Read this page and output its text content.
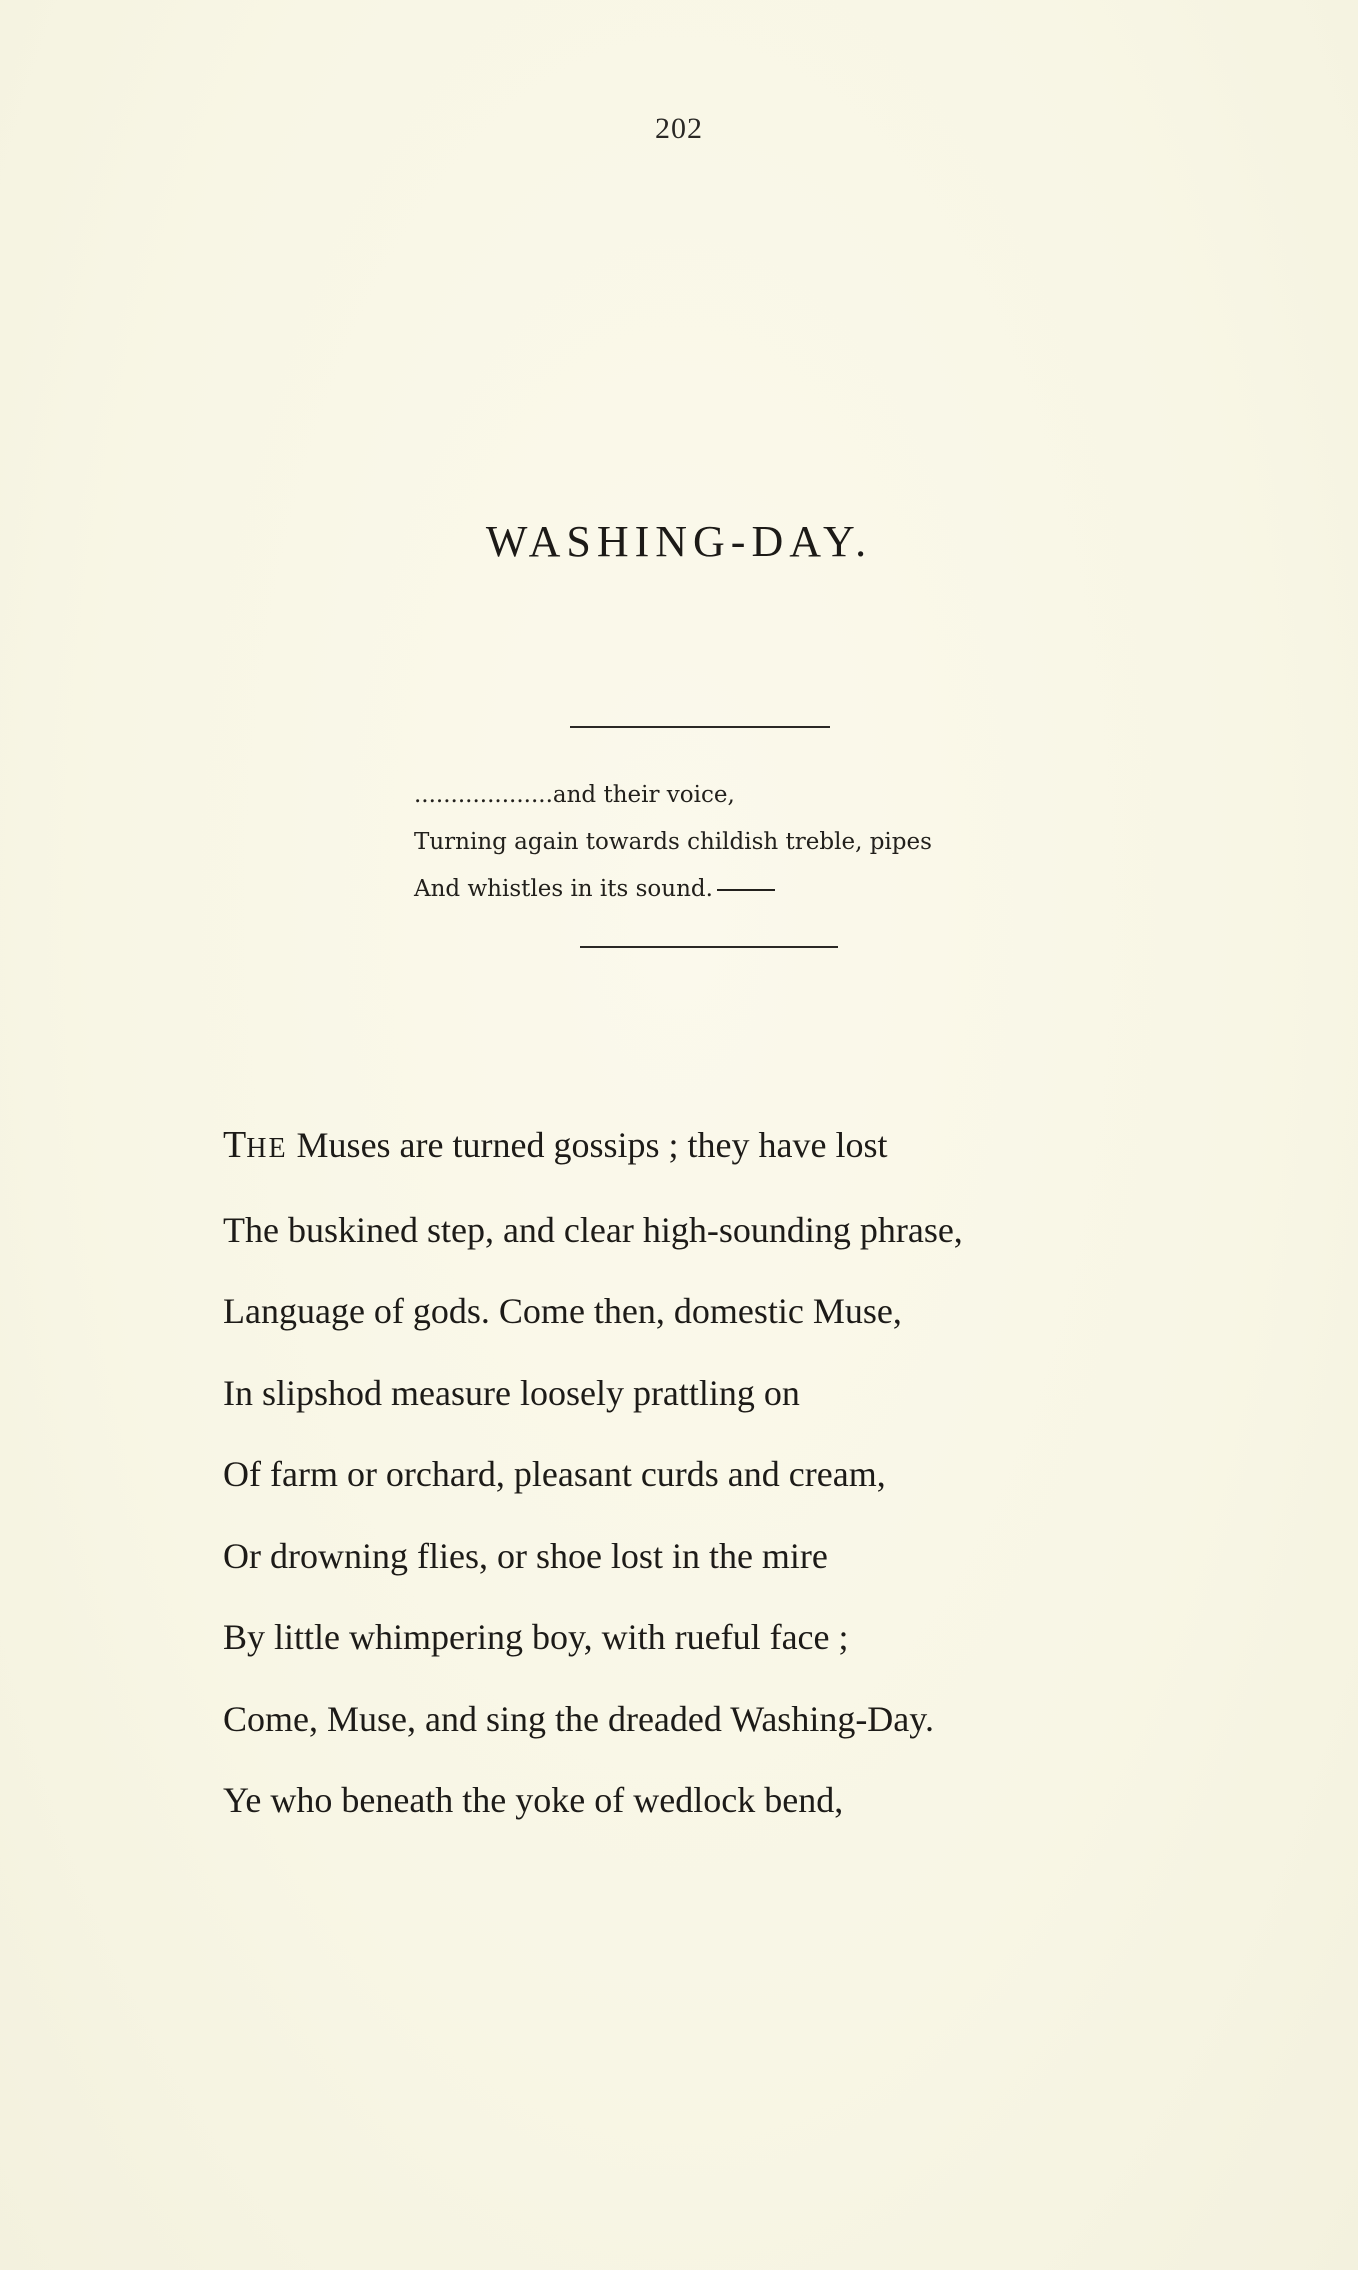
202
WASHING-DAY.
...................and their voice,
Turning again towards childish treble, pipes
And whistles in its sound.
THE Muses are turned gossips ; they have lost
The buskined step, and clear high-sounding phrase,
Language of gods. Come then, domestic Muse,
In slipshod measure loosely prattling on
Of farm or orchard, pleasant curds and cream,
Or drowning flies, or shoe lost in the mire
By little whimpering boy, with rueful face ;
Come, Muse, and sing the dreaded Washing-Day.
Ye who beneath the yoke of wedlock bend,
